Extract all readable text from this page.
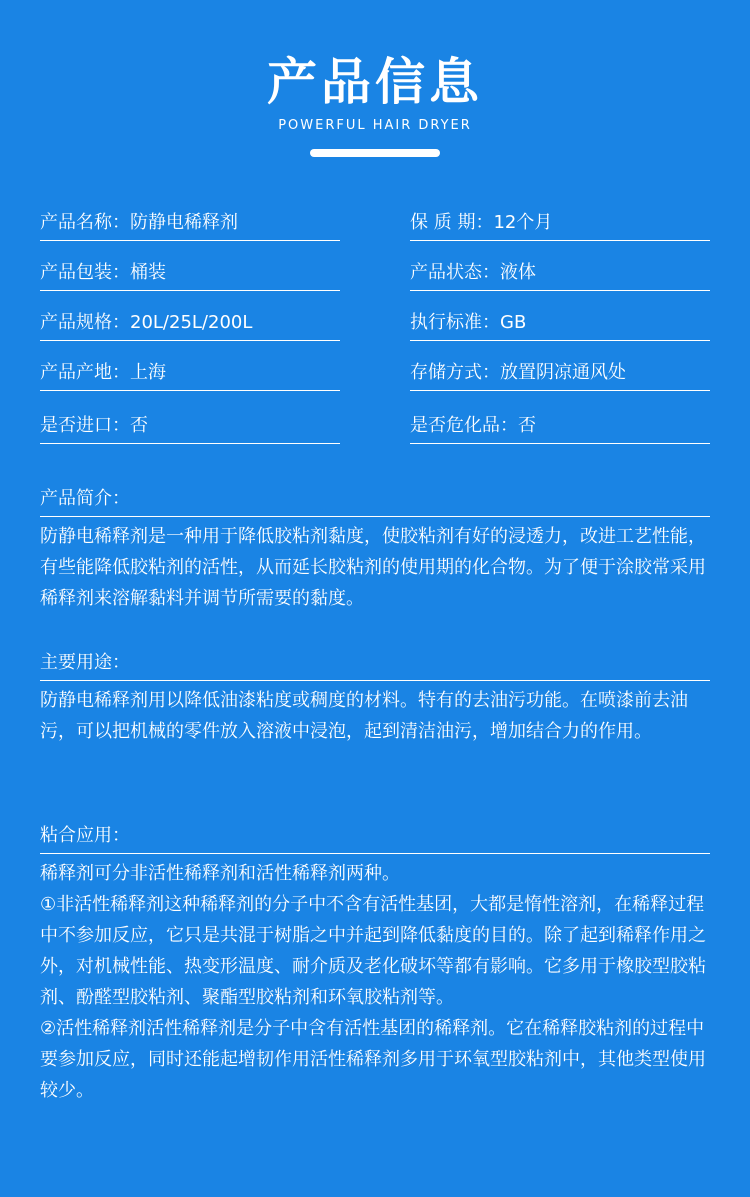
产品信息
POWERFUL HAIR DRYER
产品名称：防静电稀释剂	保 质 期：12个月
产品包装：桶装	产品状态：液体
产品规格：20L/25L/200L	执行标准：GB
产品产地：上海	存储方式：放置阴凉通风处
是否进口：否	是否危化品：否
产品简介：
防静电稀释剂是一种用于降低胶粘剂黏度，使胶粘剂有好的浸透力，改进工艺性能，有些能降低胶粘剂的活性，从而延长胶粘剂的使用期的化合物。为了便于涂胶常采用稀释剂来溶解黏料并调节所需要的黏度。
主要用途：
防静电稀释剂用以降低油漆粘度或稠度的材料。特有的去油污功能。在喷漆前去油污，可以把机械的零件放入溶液中浸泡，起到清洁油污，增加结合力的作用。
粘合应用：
稀释剂可分非活性稀释剂和活性稀释剂两种。
①非活性稀释剂这种稀释剂的分子中不含有活性基团，大都是惰性溶剂，在稀释过程中不参加反应，它只是共混于树脂之中并起到降低黏度的目的。除了起到稀释作用之外，对机械性能、热变形温度、耐介质及老化破坏等都有影响。它多用于橡胶型胶粘剂、酚醛型胶粘剂、聚酯型胶粘剂和环氧胶粘剂等。
②活性稀释剂活性稀释剂是分子中含有活性基团的稀释剂。它在稀释胶粘剂的过程中要参加反应，同时还能起增韧作用活性稀释剂多用于环氧型胶粘剂中，其他类型使用较少。
